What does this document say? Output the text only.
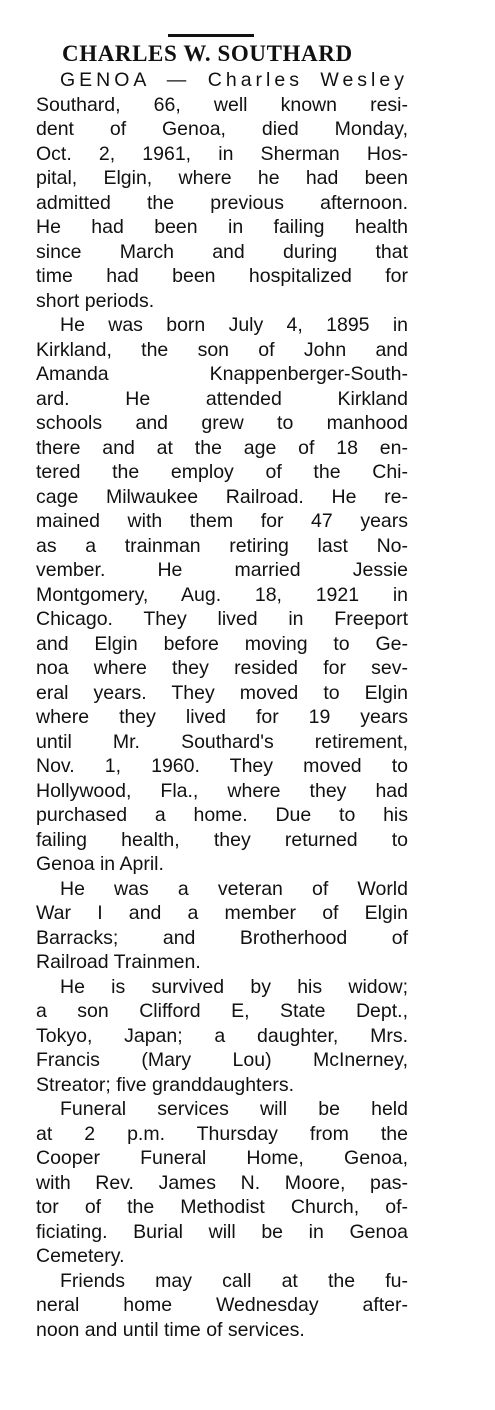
CHARLES W. SOUTHARD
GENOA — Charles Wesley
Southard, 66, well known resi-
dent of Genoa, died Monday,
Oct. 2, 1961, in Sherman Hos-
pital, Elgin, where he had been
admitted the previous afternoon.
He had been in failing health
since March and during that
time had been hospitalized for
short periods.
He was born July 4, 1895 in
Kirkland, the son of John and
Amanda Knappenberger-South-
ard. He attended Kirkland
schools and grew to manhood
there and at the age of 18 en-
tered the employ of the Chi-
cage Milwaukee Railroad. He re-
mained with them for 47 years
as a trainman retiring last No-
vember. He married Jessie
Montgomery, Aug. 18, 1921 in
Chicago. They lived in Freeport
and Elgin before moving to Ge-
noa where they resided for sev-
eral years. They moved to Elgin
where they lived for 19 years
until Mr. Southard's retirement,
Nov. 1, 1960. They moved to
Hollywood, Fla., where they had
purchased a home. Due to his
failing health, they returned to
Genoa in April.
He was a veteran of World
War I and a member of Elgin
Barracks; and Brotherhood of
Railroad Trainmen.
He is survived by his widow;
a son Clifford E, State Dept.,
Tokyo, Japan; a daughter, Mrs.
Francis (Mary Lou) McInerney,
Streator; five granddaughters.
Funeral services will be held
at 2 p.m. Thursday from the
Cooper Funeral Home, Genoa,
with Rev. James N. Moore, pas-
tor of the Methodist Church, of-
ficiating. Burial will be in Genoa
Cemetery.
Friends may call at the fu-
neral home Wednesday after-
noon and until time of services.
